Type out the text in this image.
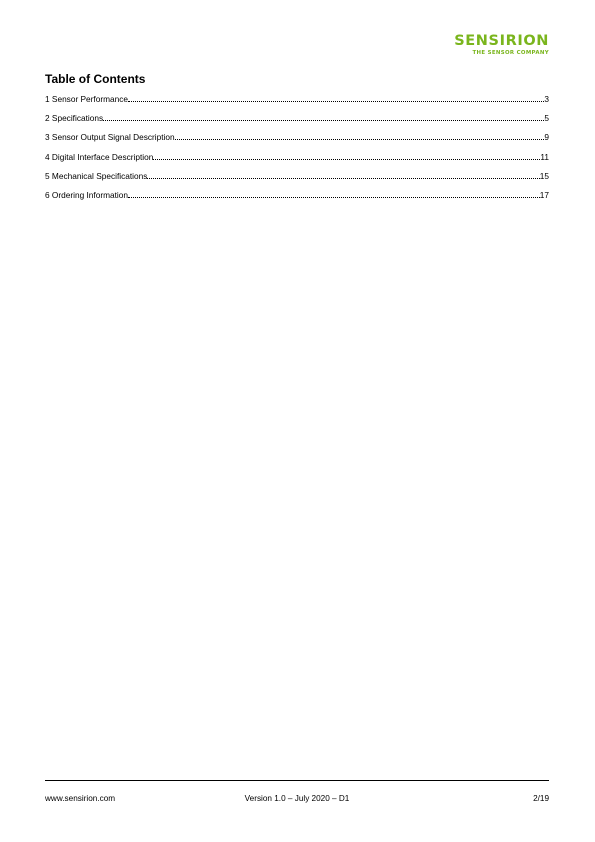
SENSIRION
THE SENSOR COMPANY
Table of Contents
1 Sensor Performance	3
2 Specifications	5
3 Sensor Output Signal Description	9
4 Digital Interface Description	11
5 Mechanical Specifications	15
6 Ordering Information	17
www.sensirion.com	Version 1.0 – July 2020 – D1	2/19
